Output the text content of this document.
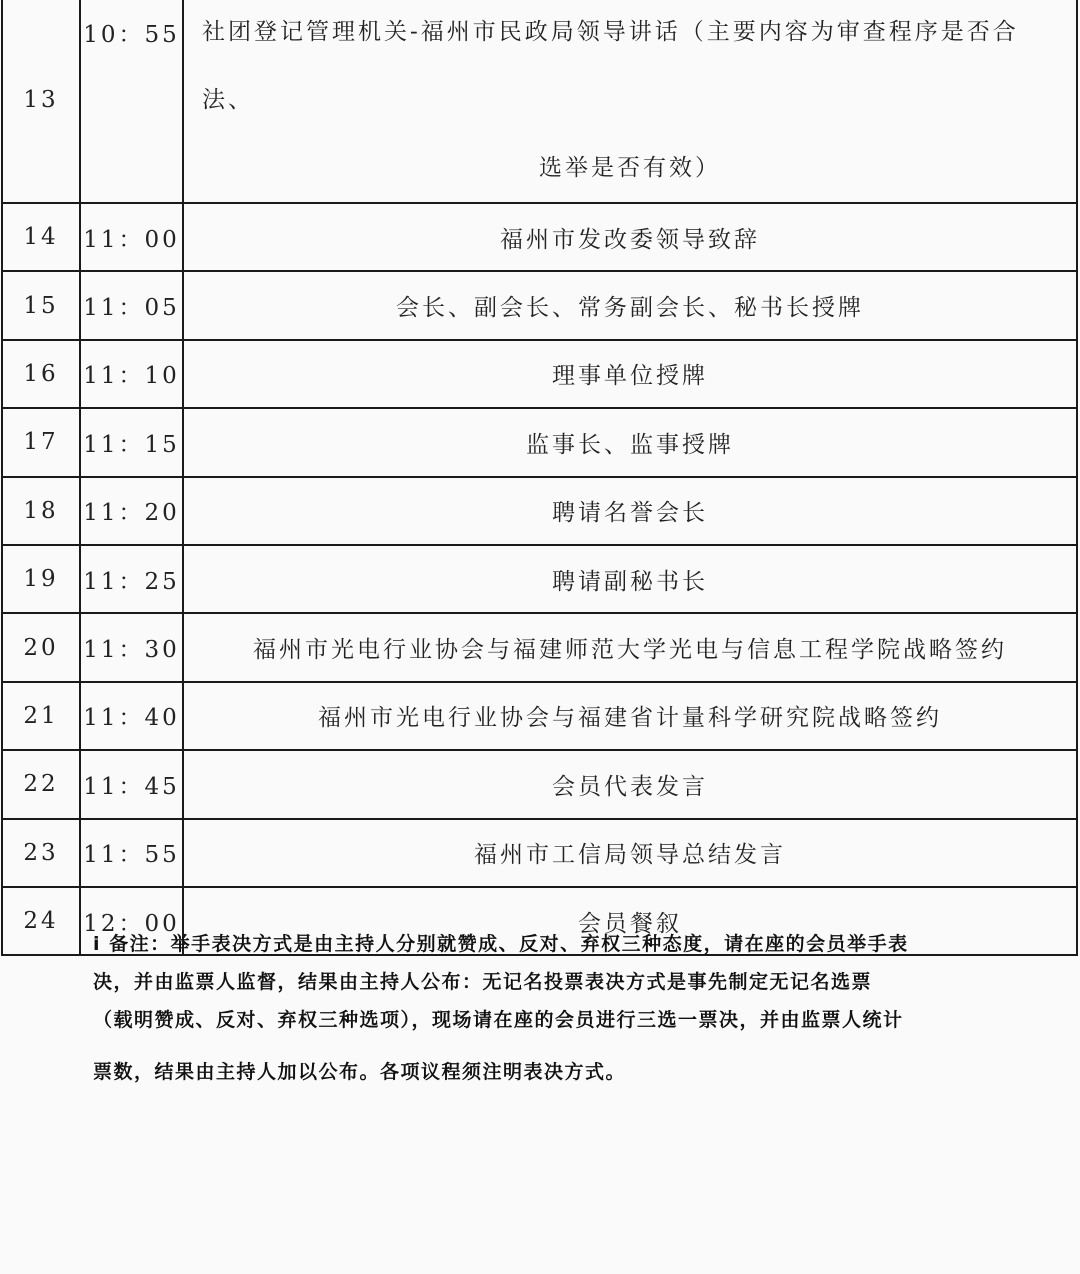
13	10：55	社团登记管理机关-福州市民政局领导讲话（主要内容为审查程序是否合法、
选举是否有效）

14	11：00	福州市发改委领导致辞
15	11：05	会长、副会长、常务副会长、秘书长授牌
16	11：10	理事单位授牌
17	11：15	监事长、监事授牌
18	11：20	聘请名誉会长
19	11：25	聘请副秘书长
20	11：30	福州市光电行业协会与福建师范大学光电与信息工程学院战略签约
21	11：40	福州市光电行业协会与福建省计量科学研究院战略签约
22	11：45	会员代表发言
23	11：55	福州市工信局领导总结发言
24	12：00	会员餐叙
i 备注：举手表决方式是由主持人分别就赞成、反对、弃权三种态度，请在座的会员举手表
决，并由监票人监督，结果由主持人公布：无记名投票表决方式是事先制定无记名选票
（载明赞成、反对、弃权三种选项），现场请在座的会员进行三选一票决，并由监票人统计
票数，结果由主持人加以公布。各项议程须注明表决方式。
